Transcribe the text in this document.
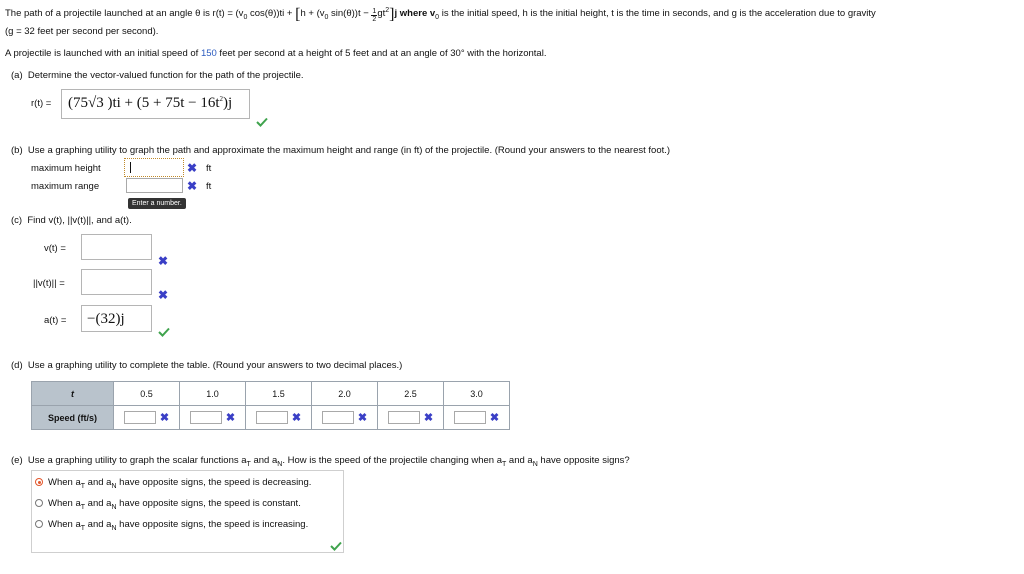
The path of a projectile launched at an angle θ is $r(t) = (v_0$ $\cos(\theta))ti + [h + (v_0$ $\sin(\theta))t - \frac{1}{2}gt^2]j$ where $v_0$ is the initial speed, h is the initial height, t is the time in seconds, and g is the acceleration due to gravity
(g = 32 feet per second per second).
A projectile is launched with an initial speed of 150 feet per second at a height of 5 feet and at an angle of 30° with the horizontal.
(a) Determine the vector-valued function for the path of the projectile.
r(t) = (75√3 )$ti + (5 + 75t - 16t^2)j$
(b) Use a graphing utility to graph the path and approximate the maximum height and range (in ft) of the projectile. (Round your answers to the nearest foot.)
maximum height	✖ ft
maximum range	✖ ft
Enter a number.
(c) Find v(t), ||v(t)||, and a(t).
v(t) =
✖
||v(t)|| =
✖
a(t) = −(32)j
(d) Use a graphing utility to complete the table. (Round your answers to two decimal places.)
t	0.5	1.0	1.5	2.0	2.5	3.0
Speed (ft/s)	✖	✖	✖	✖	✖	✖
(e) Use a graphing utility to graph the scalar functions $a_T$ and $a_N$. How is the speed of the projectile changing when $a_T$ and $a_N$ have opposite signs?
When $a_T$ and $a_N$ have opposite signs, the speed is decreasing.
When $a_T$ and $a_N$ have opposite signs, the speed is constant.
When $a_T$ and $a_N$ have opposite signs, the speed is increasing.
